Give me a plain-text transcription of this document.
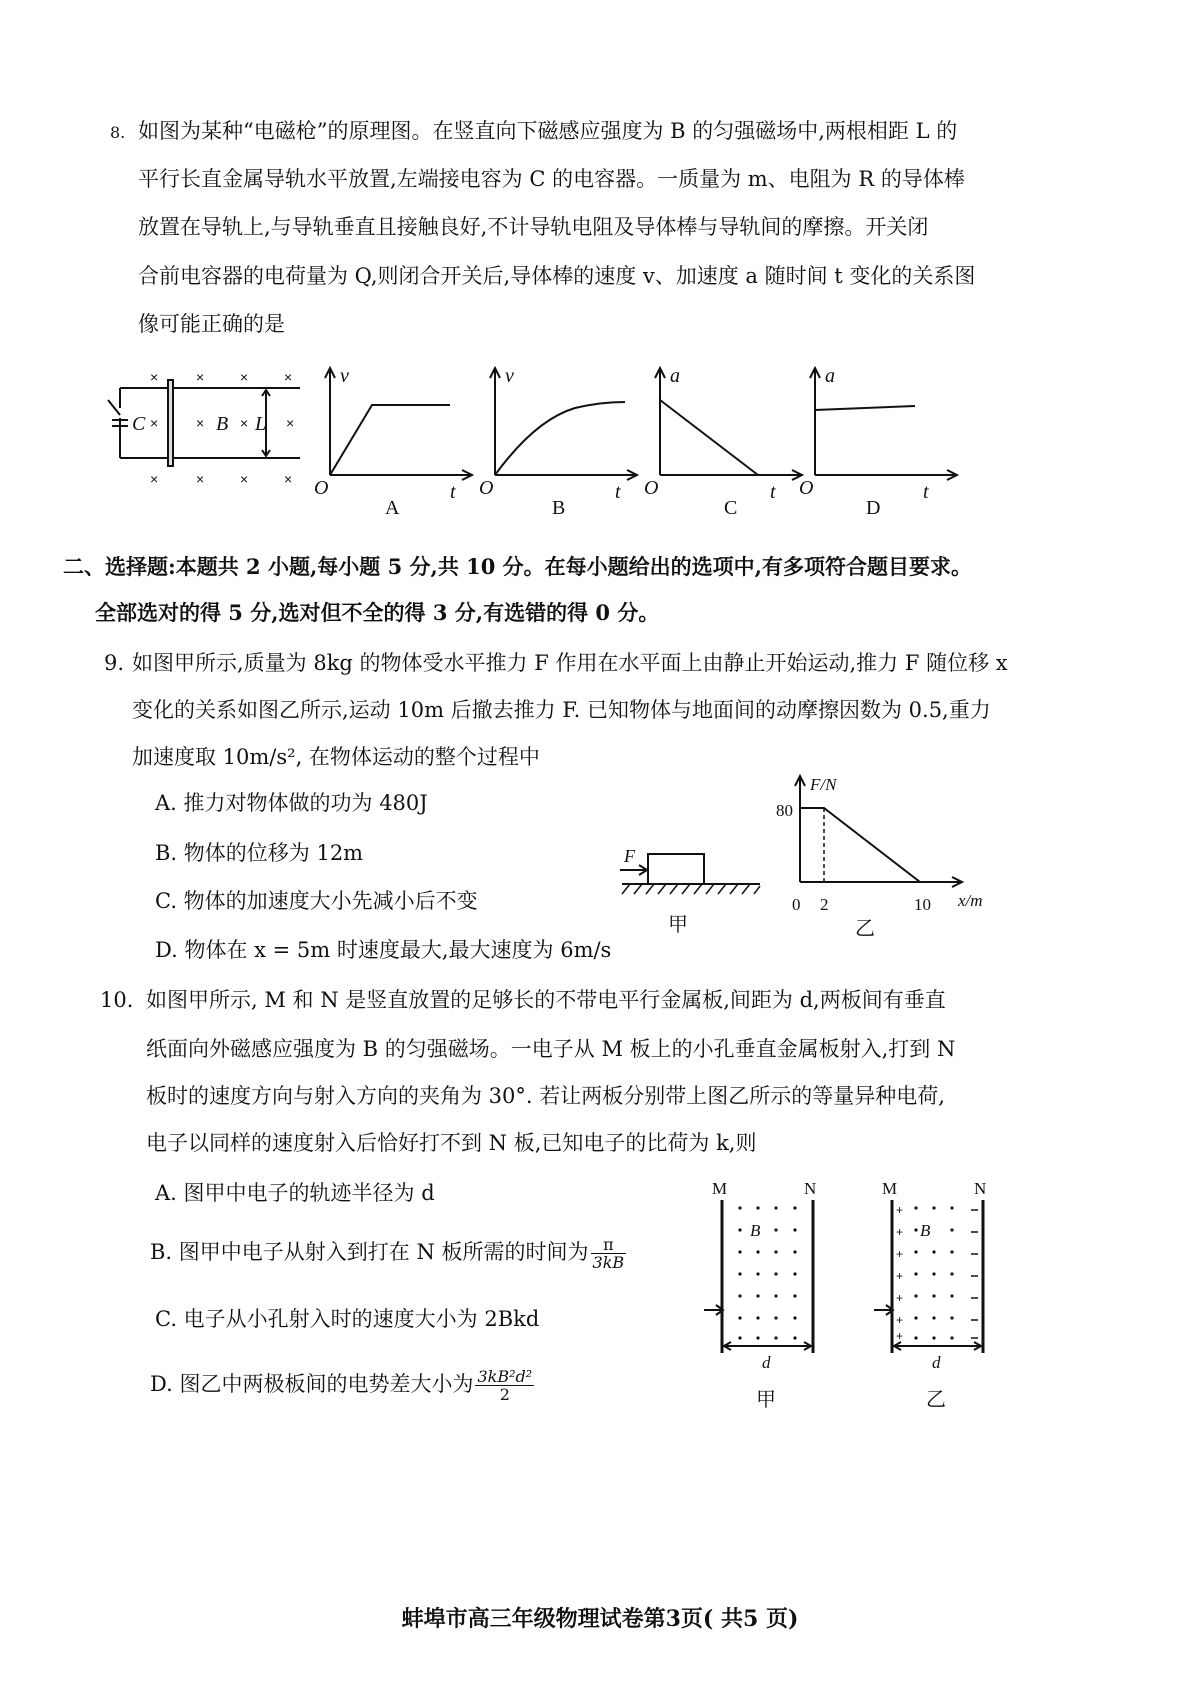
8. 如图为某种“电磁枪”的原理图。在竖直向下磁感应强度为 B 的匀强磁场中,两根相距 L 的
平行长直金属导轨水平放置,左端接电容为 C 的电容器。一质量为 m、电阻为 R 的导体棒
放置在导轨上,与导轨垂直且接触良好,不计导轨电阻及导体棒与导轨间的摩擦。开关闭
合前电容器的电荷量为 Q,则闭合开关后,导体棒的速度 v、加速度 a 随时间 t 变化的关系图
像可能正确的是
×	×	×	×
×	×	×	×
×	×	×	×
C	B L
v
O	t
A
v
O	t
B
a
O	t
C
a
O	t
D
二、选择题:本题共 2 小题,每小题 5 分,共 10 分。在每小题给出的选项中,有多项符合题目要求。
全部选对的得 5 分,选对但不全的得 3 分,有选错的得 0 分。
9. 如图甲所示,质量为 8kg 的物体受水平推力 F 作用在水平面上由静止开始运动,推力 F 随位移 x
变化的关系如图乙所示,运动 10m 后撤去推力 F. 已知物体与地面间的动摩擦因数为 0.5,重力
加速度取 10m/s², 在物体运动的整个过程中
A. 推力对物体做的功为 480J
B. 物体的位移为 12m
C. 物体的加速度大小先减小后不变
D. 物体在 x = 5m 时速度最大,最大速度为 6m/s
F
甲
F/N
80
0 2	10 x/m
乙
10. 如图甲所示, M 和 N 是竖直放置的足够长的不带电平行金属板,间距为 d,两板间有垂直
纸面向外磁感应强度为 B 的匀强磁场。一电子从 M 板上的小孔垂直金属板射入,打到 N
板时的速度方向与射入方向的夹角为 30°. 若让两板分别带上图乙所示的等量异种电荷,
电子以同样的速度射入后恰好打不到 N 板,已知电子的比荷为 k,则
A. 图甲中电子的轨迹半径为 d
B. 图甲中电子从射入到打在 N 板所需的时间为 $\frac{\pi}{3kB}$
C. 电子从小孔射入时的速度大小为 2Bkd
D. 图乙中两极板间的电势差大小为 $\frac{\text{3kB²d²}}{2}$
M	N
B
d
甲
+
+
+
+
+
+
+
M	N
B
d
乙
蚌埠市高三年级物理试卷第3页( 共5 页)
